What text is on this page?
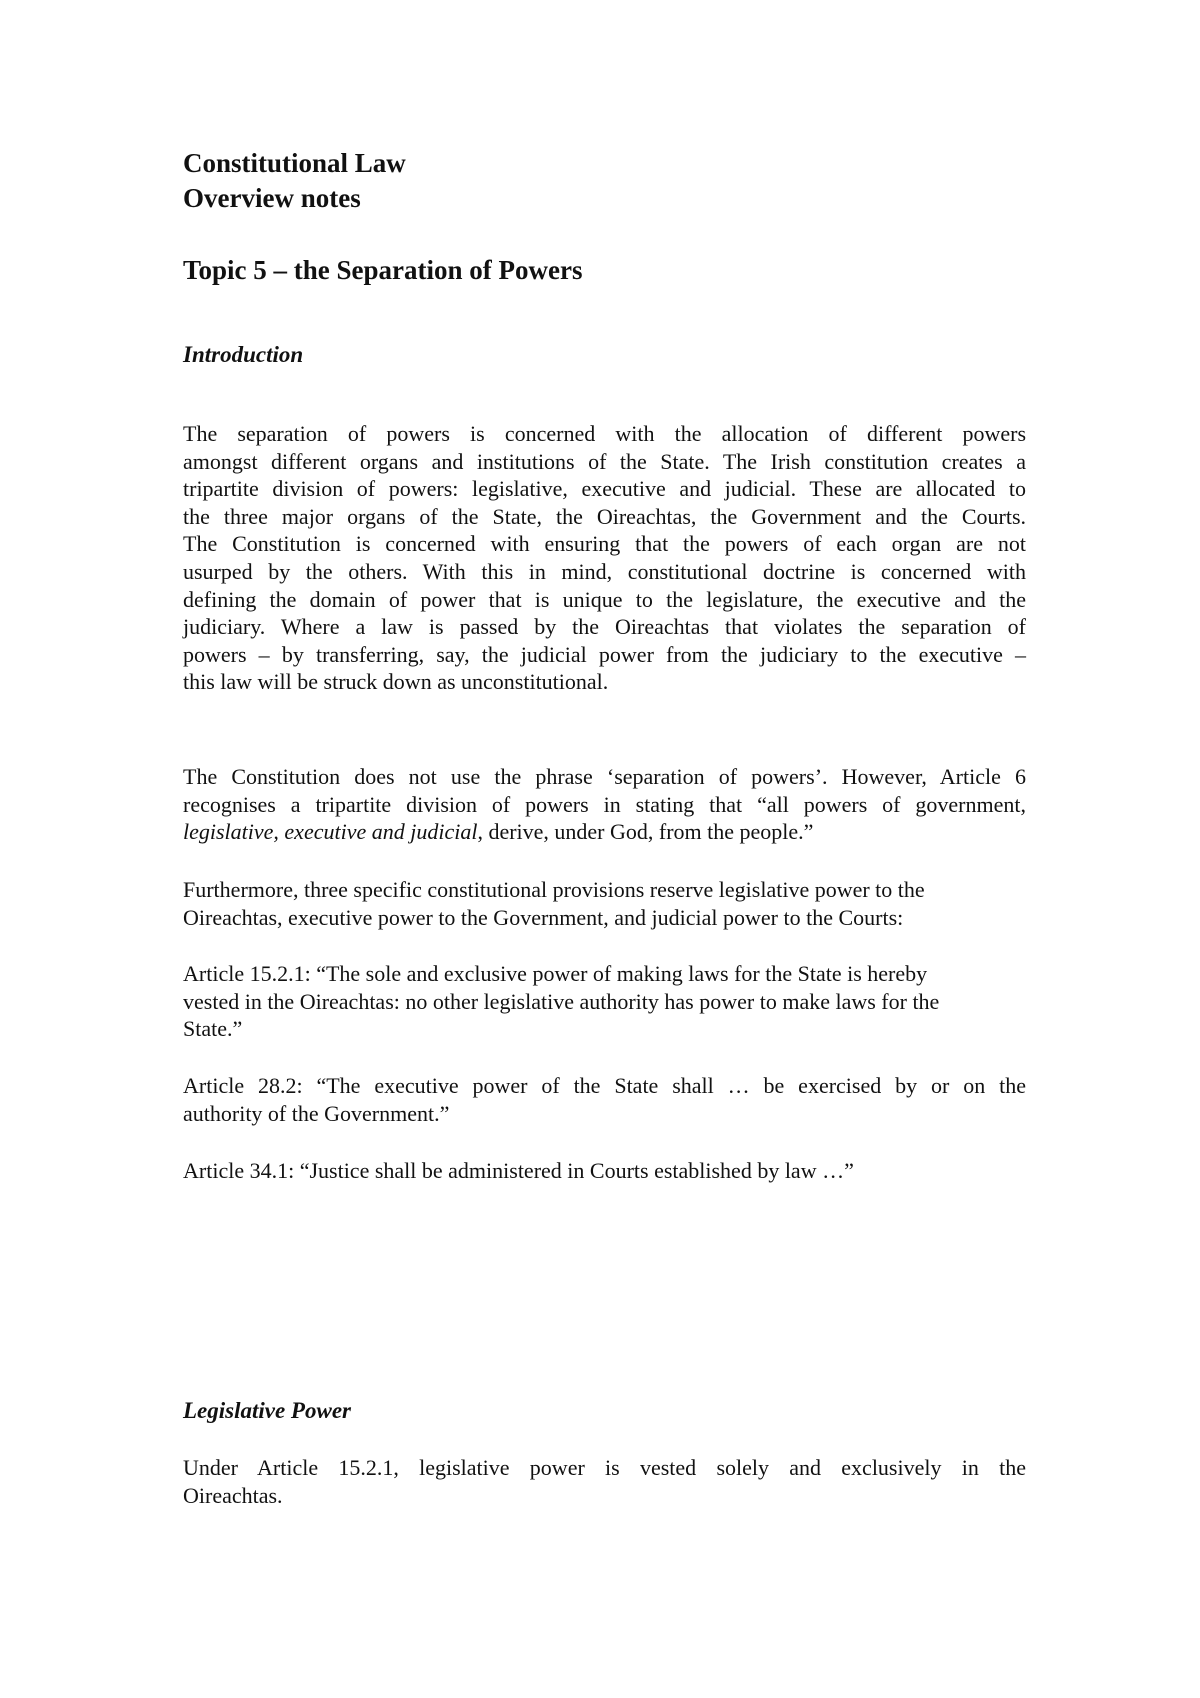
Constitutional Law
Overview notes
Topic 5 – the Separation of Powers
Introduction
The separation of powers is concerned with the allocation of different powers
amongst different organs and institutions of the State. The Irish constitution creates a
tripartite division of powers: legislative, executive and judicial. These are allocated to
the three major organs of the State, the Oireachtas, the Government and the Courts.
The Constitution is concerned with ensuring that the powers of each organ are not
usurped by the others. With this in mind, constitutional doctrine is concerned with
defining the domain of power that is unique to the legislature, the executive and the
judiciary. Where a law is passed by the Oireachtas that violates the separation of
powers – by transferring, say, the judicial power from the judiciary to the executive –
this law will be struck down as unconstitutional.
The Constitution does not use the phrase ‘separation of powers’. However, Article 6
recognises a tripartite division of powers in stating that “all powers of government,
legislative, executive and judicial, derive, under God, from the people.”
Furthermore, three specific constitutional provisions reserve legislative power to the
Oireachtas, executive power to the Government, and judicial power to the Courts:
Article 15.2.1: “The sole and exclusive power of making laws for the State is hereby
vested in the Oireachtas: no other legislative authority has power to make laws for the
State.”
Article 28.2: “The executive power of the State shall … be exercised by or on the
authority of the Government.”
Article 34.1: “Justice shall be administered in Courts established by law …”
Legislative Power
Under Article 15.2.1, legislative power is vested solely and exclusively in the
Oireachtas.
